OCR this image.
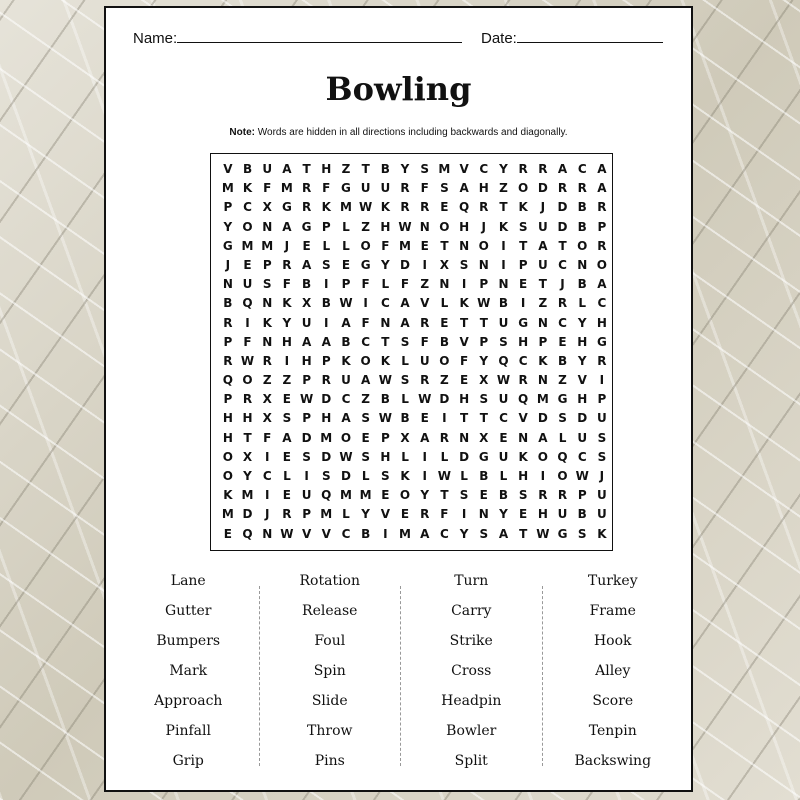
Name:	Date:
Bowling
Note: Words are hidden in all directions including backwards and diagonally.
V B U A T H Z T B Y S M V C Y R R A C A
M K F M R F G U U R F S A H Z O D R R A
P C X G R K M W K R R E Q R T K	J	D B R
Y O N A G P L Z H W N O H	J	K S U D B P
G M M J	E L	L O F M E T N O	I	T A T O R
J	E P R A S E G Y D	I	X S N	I	P U C N O
N U S F B	I	P F L F Z N	I	P N E T	J	B A
B Q N K X B W I	C A V L K W B	I	Z R L C
R	I	K Y U	I	A F N A R E T T U G N C Y H
P F N H A A B C T S F B V P S H P E H G
R W R	I	H P K O K L U O F Y Q C K B Y R
Q O Z Z P R U A W S R Z E X W R N Z V	I
P R X E W D C Z B L W D H S U Q M G H P
H H X S P H A S W B E	I	T T C V D S D U
H T F A D M O E P X A R N X E N A L U S
O X	I	E S D W S H L	I	L D G U K O Q C S
O Y C L	I	S D L S K	I W L B L H	I	O W J
K M I	E U Q M M E O Y T S E B S R R P U
M D	J	R P M L Y V E R F	I	N Y E H U B U
E Q N W V V C B	I M A C Y S A T W G S K
Lane
Gutter
Bumpers
Mark
Approach
Pinfall
Grip
Rotation
Release
Foul
Spin
Slide
Throw
Pins
Turn
Carry
Strike
Cross
Headpin
Bowler
Split
Turkey
Frame
Hook
Alley
Score
Tenpin
Backswing
